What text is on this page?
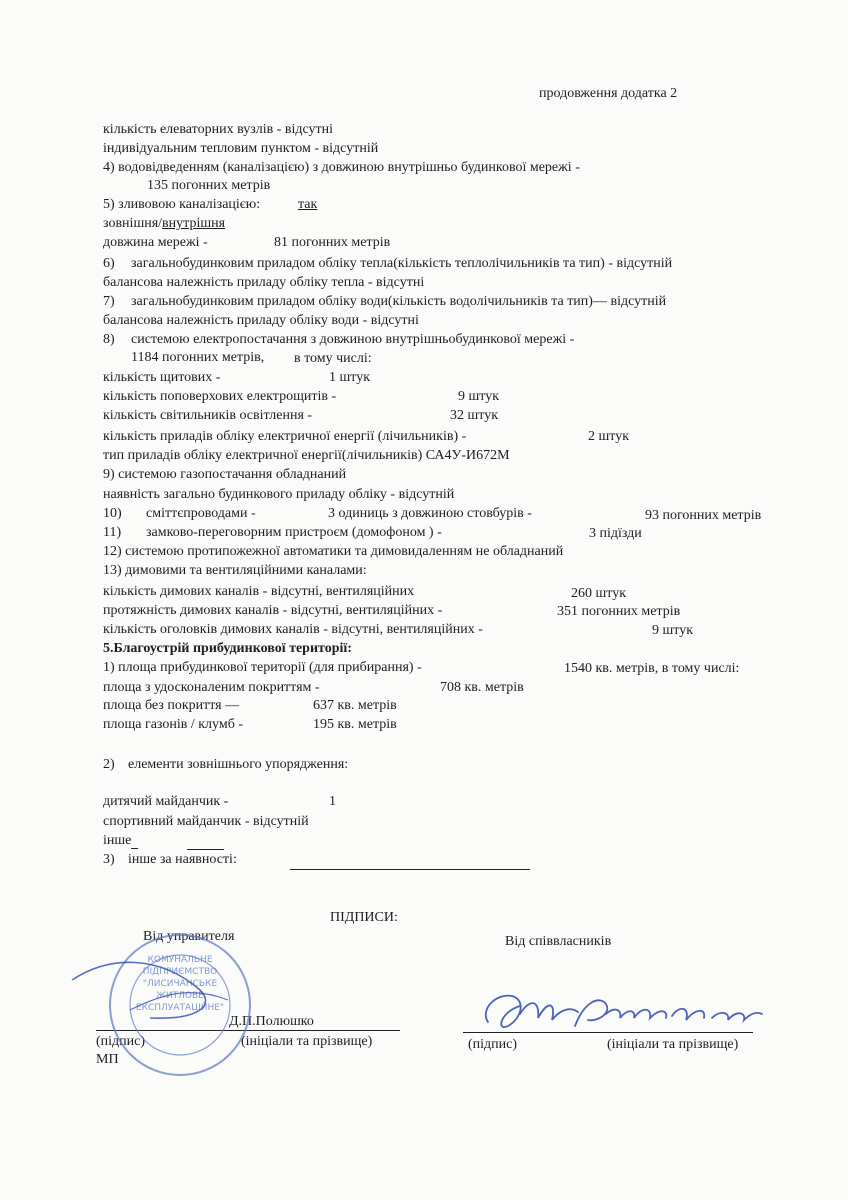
продовження додатка 2
кількість елеваторних вузлів - відсутні
індивідуальним тепловим пунктом - відсутній
4) водовідведенням (каналізацією) з довжиною внутрішньо будинкової мережі -
135 погонних метрів
5) зливовою каналізацією:	так
зовнішня/внутрішня
довжина мережі -	81 погонних метрів
6) загальнобудинковим приладом обліку тепла(кількість теплолічильників та тип) - відсутній
балансова належність приладу обліку тепла - відсутні
7) загальнобудинковим приладом обліку води(кількість водолічильників та тип)— відсутній
балансова належність приладу обліку води - відсутні
8) системою електропостачання з довжиною внутрішньобудинкової мережі -
1184 погонних метрів, в тому числі:
кількість щитових -	1 штук
кількість поповерхових електрощитів -	9 штук
кількість світильників освітлення -	32 штук
кількість приладів обліку електричної енергії (лічильників) -	2 штук
тип приладів обліку електричної енергії(лічильників) СА4У-И672М
9) системою газопостачання обладнаний
наявність загально будинкового приладу обліку - відсутній
10) сміттєпроводами -	3 одиниць з довжиною стовбурів -	93 погонних метрів
11) замково-переговорним пристроєм (домофоном ) -	3 підїзди
12) системою протипожежної автоматики та димовидаленням не обладнаний
13) димовими та вентиляційними каналами:
кількість димових каналів - відсутні, вентиляційних	260 штук
протяжність димових каналів - відсутні, вентиляційних -	351 погонних метрів
кількість оголовків димових каналів - відсутні, вентиляційних -	9 штук
5.Благоустрій прибудинкової території:
1) площа прибудинкової території (для прибирання) -	1540 кв. метрів, в тому числі:
площа з удосконаленим покриттям -	708 кв. метрів
площа без покриття —	637 кв. метрів
площа газонів / клумб -	195 кв. метрів
2) елементи зовнішнього упорядження:
дитячий майданчик -	1
спортивний майданчик - відсутній
інше
3) інше за наявності:
ПІДПИСИ:
Від управителя	Від співвласників
Д.П.Полюшко
(підпис)	(ініціали та прізвище)	(підпис)	(ініціали та прізвище)
МП
КОМУНАЛЬНЕ
ПІДПРИЄМСТВО
"ЛИСИЧАНСЬКЕ
ЖИТЛОВЕ
ЕКСПЛУАТАЦІЙНЕ"
